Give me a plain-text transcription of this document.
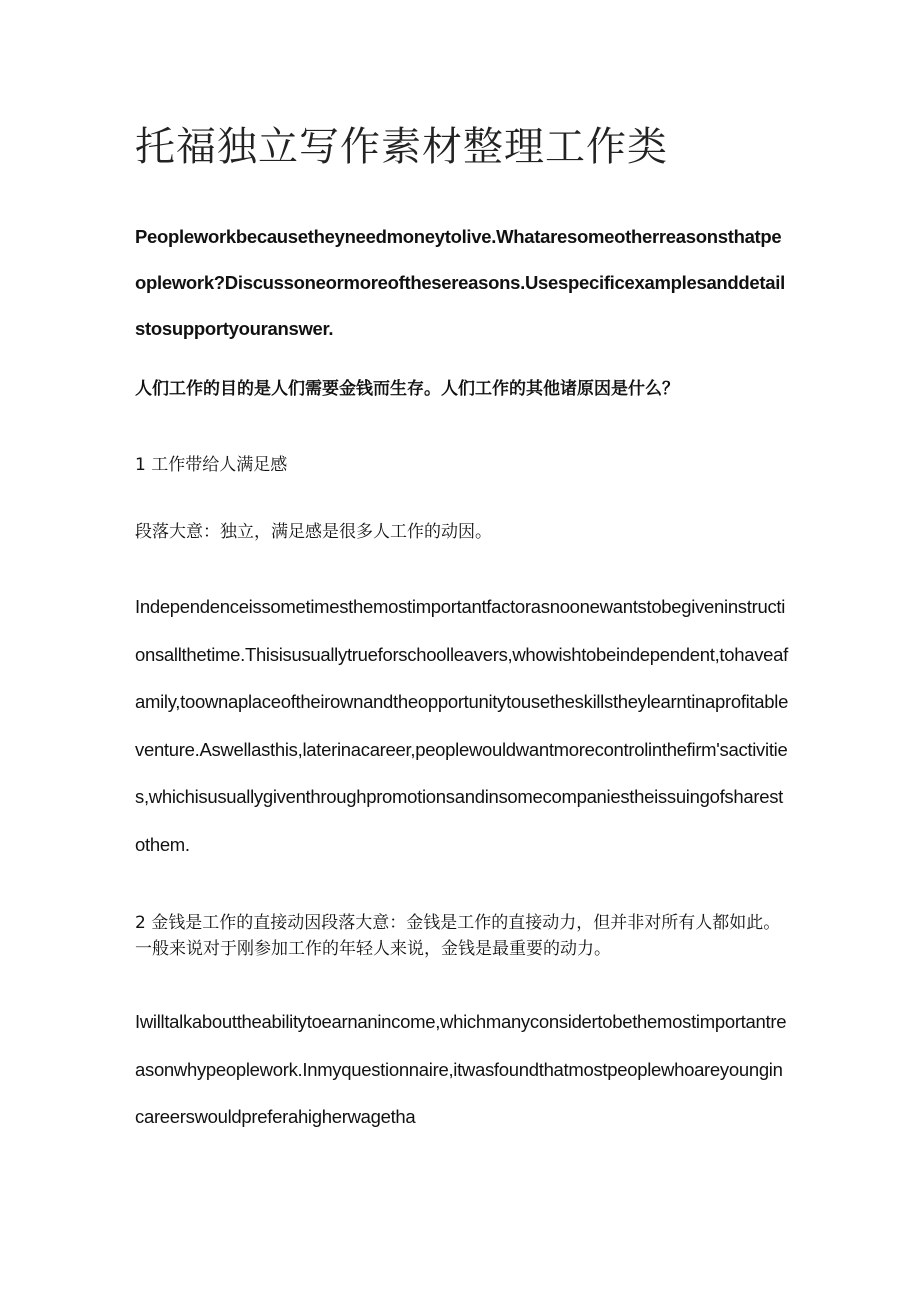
托福独立写作素材整理工作类

Peopleworkbecausetheyneedmoneytolive.Whataresomeotherreasonsthatpeoplework?Discussoneormoreofthesereasons.Usespecificexamplesanddetailstosupportyouranswer.

人们工作的目的是人们需要金钱而生存。人们工作的其他诸原因是什么？

1 工作带给人满足感

段落大意：独立，满足感是很多人工作的动因。

Independenceissometimesthemostimportantfactorasnoonewantstobegiveninstructionsallthetime.Thisisusuallytrueforschoolleavers,whowishtobeindependent,tohaveafamily,toownaplaceoftheirownandtheopportunitytousetheskillstheylearntinaprofitableventure.Aswellasthis,laterinacareer,peoplewouldwantmorecontrolinthefirm'sactivities,whichisusuallygiventhroughpromotionsandinsomecompaniestheissuingofsharestothem.

2 金钱是工作的直接动因段落大意：金钱是工作的直接动力，但并非对所有人都如此。一般来说对于刚参加工作的年轻人来说，金钱是最重要的动力。

Iwilltalkabouttheabilitytoearnanincome,whichmanyconsidertobethemostimportantreasonwhypeoplework.Inmyquestionnaire,itwasfoundthatmostpeoplewhoareyoungincareerswouldpreferahigherwagetha
